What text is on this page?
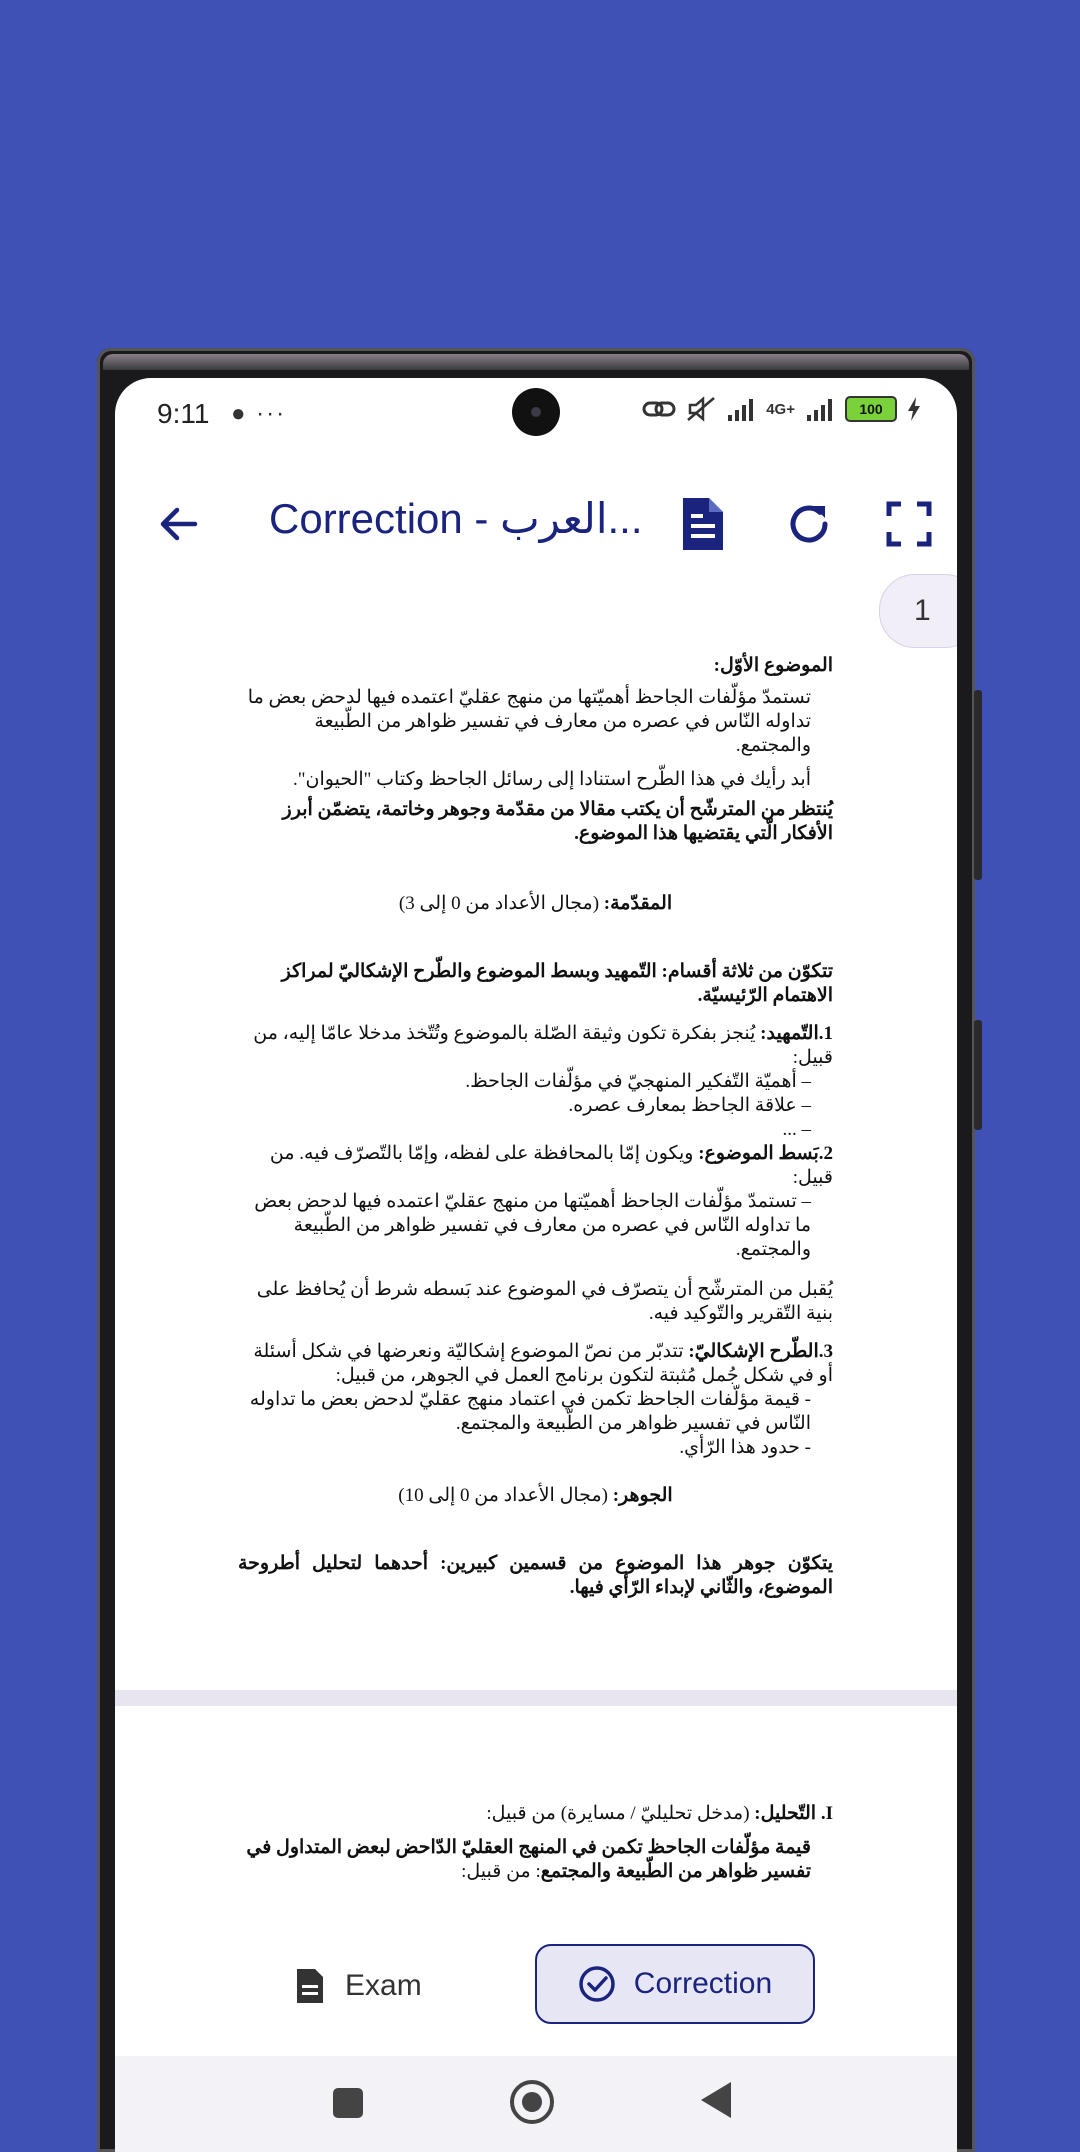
9:11 ● ···	4G+	100
Correction - العرب...
1

الموضوع الأوّل:

تستمدّ مؤلّفات الجاحظ أهميّتها من منهج عقليّ اعتمده فيها لدحض بعض ما تداوله النّاس في عصره من معارف في تفسير ظواهر من الطّبيعة والمجتمع.

أبد رأيك في هذا الطّرح استنادا إلى رسائل الجاحظ وكتاب "الحيوان".

يُنتظر من المترشّح أن يكتب مقالا من مقدّمة وجوهر وخاتمة، يتضمّن أبرز الأفكار الّتي يقتضيها هذا الموضوع.

المقدّمة: (مجال الأعداد من 0 إلى 3)

تتكوّن من ثلاثة أقسام: التّمهيد وبسط الموضوع والطّرح الإشكاليّ لمراكز الاهتمام الرّئيسيّة.

1.التّمهيد: يُنجز بفكرة تكون وثيقة الصّلة بالموضوع وتُتّخذ مدخلا عامّا إليه، من قبيل:

– أهميّة التّفكير المنهجيّ في مؤلّفات الجاحظ.

– علاقة الجاحظ بمعارف عصره.

– ...

2.بَسط الموضوع: ويكون إمّا بالمحافظة على لفظه، وإمّا بالتّصرّف فيه. من قبيل:

– تستمدّ مؤلّفات الجاحظ أهميّتها من منهج عقليّ اعتمده فيها لدحض بعض ما تداوله النّاس في عصره من معارف في تفسير ظواهر من الطّبيعة والمجتمع.

يُقبل من المترشّح أن يتصرّف في الموضوع عند بَسطه شرط أن يُحافظ على بنية التّقرير والتّوكيد فيه.

3.الطّرح الإشكاليّ: تتدبّر من نصّ الموضوع إشكاليّة ونعرضها في شكل أسئلة أو في شكل جُمل مُثبتة لتكون برنامج العمل في الجوهر، من قبيل:

- قيمة مؤلّفات الجاحظ تكمن في اعتماد منهج عقليّ لدحض بعض ما تداوله النّاس في تفسير ظواهر من الطّبيعة والمجتمع.

- حدود هذا الرّأي.

الجوهر: (مجال الأعداد من 0 إلى 10)

يتكوّن جوهر هذا الموضوع من قسمين كبيرين: أحدهما لتحليل أطروحة الموضوع، والثّاني لإبداء الرّأي فيها.

I. التّحليل: (مدخل تحليليّ / مسايرة) من قبيل:

قيمة مؤلّفات الجاحظ تكمن في المنهج العقليّ الدّاحض لبعض المتداول في تفسير ظواهر من الطّبيعة والمجتمع: من قبيل:

Exam	Correction
